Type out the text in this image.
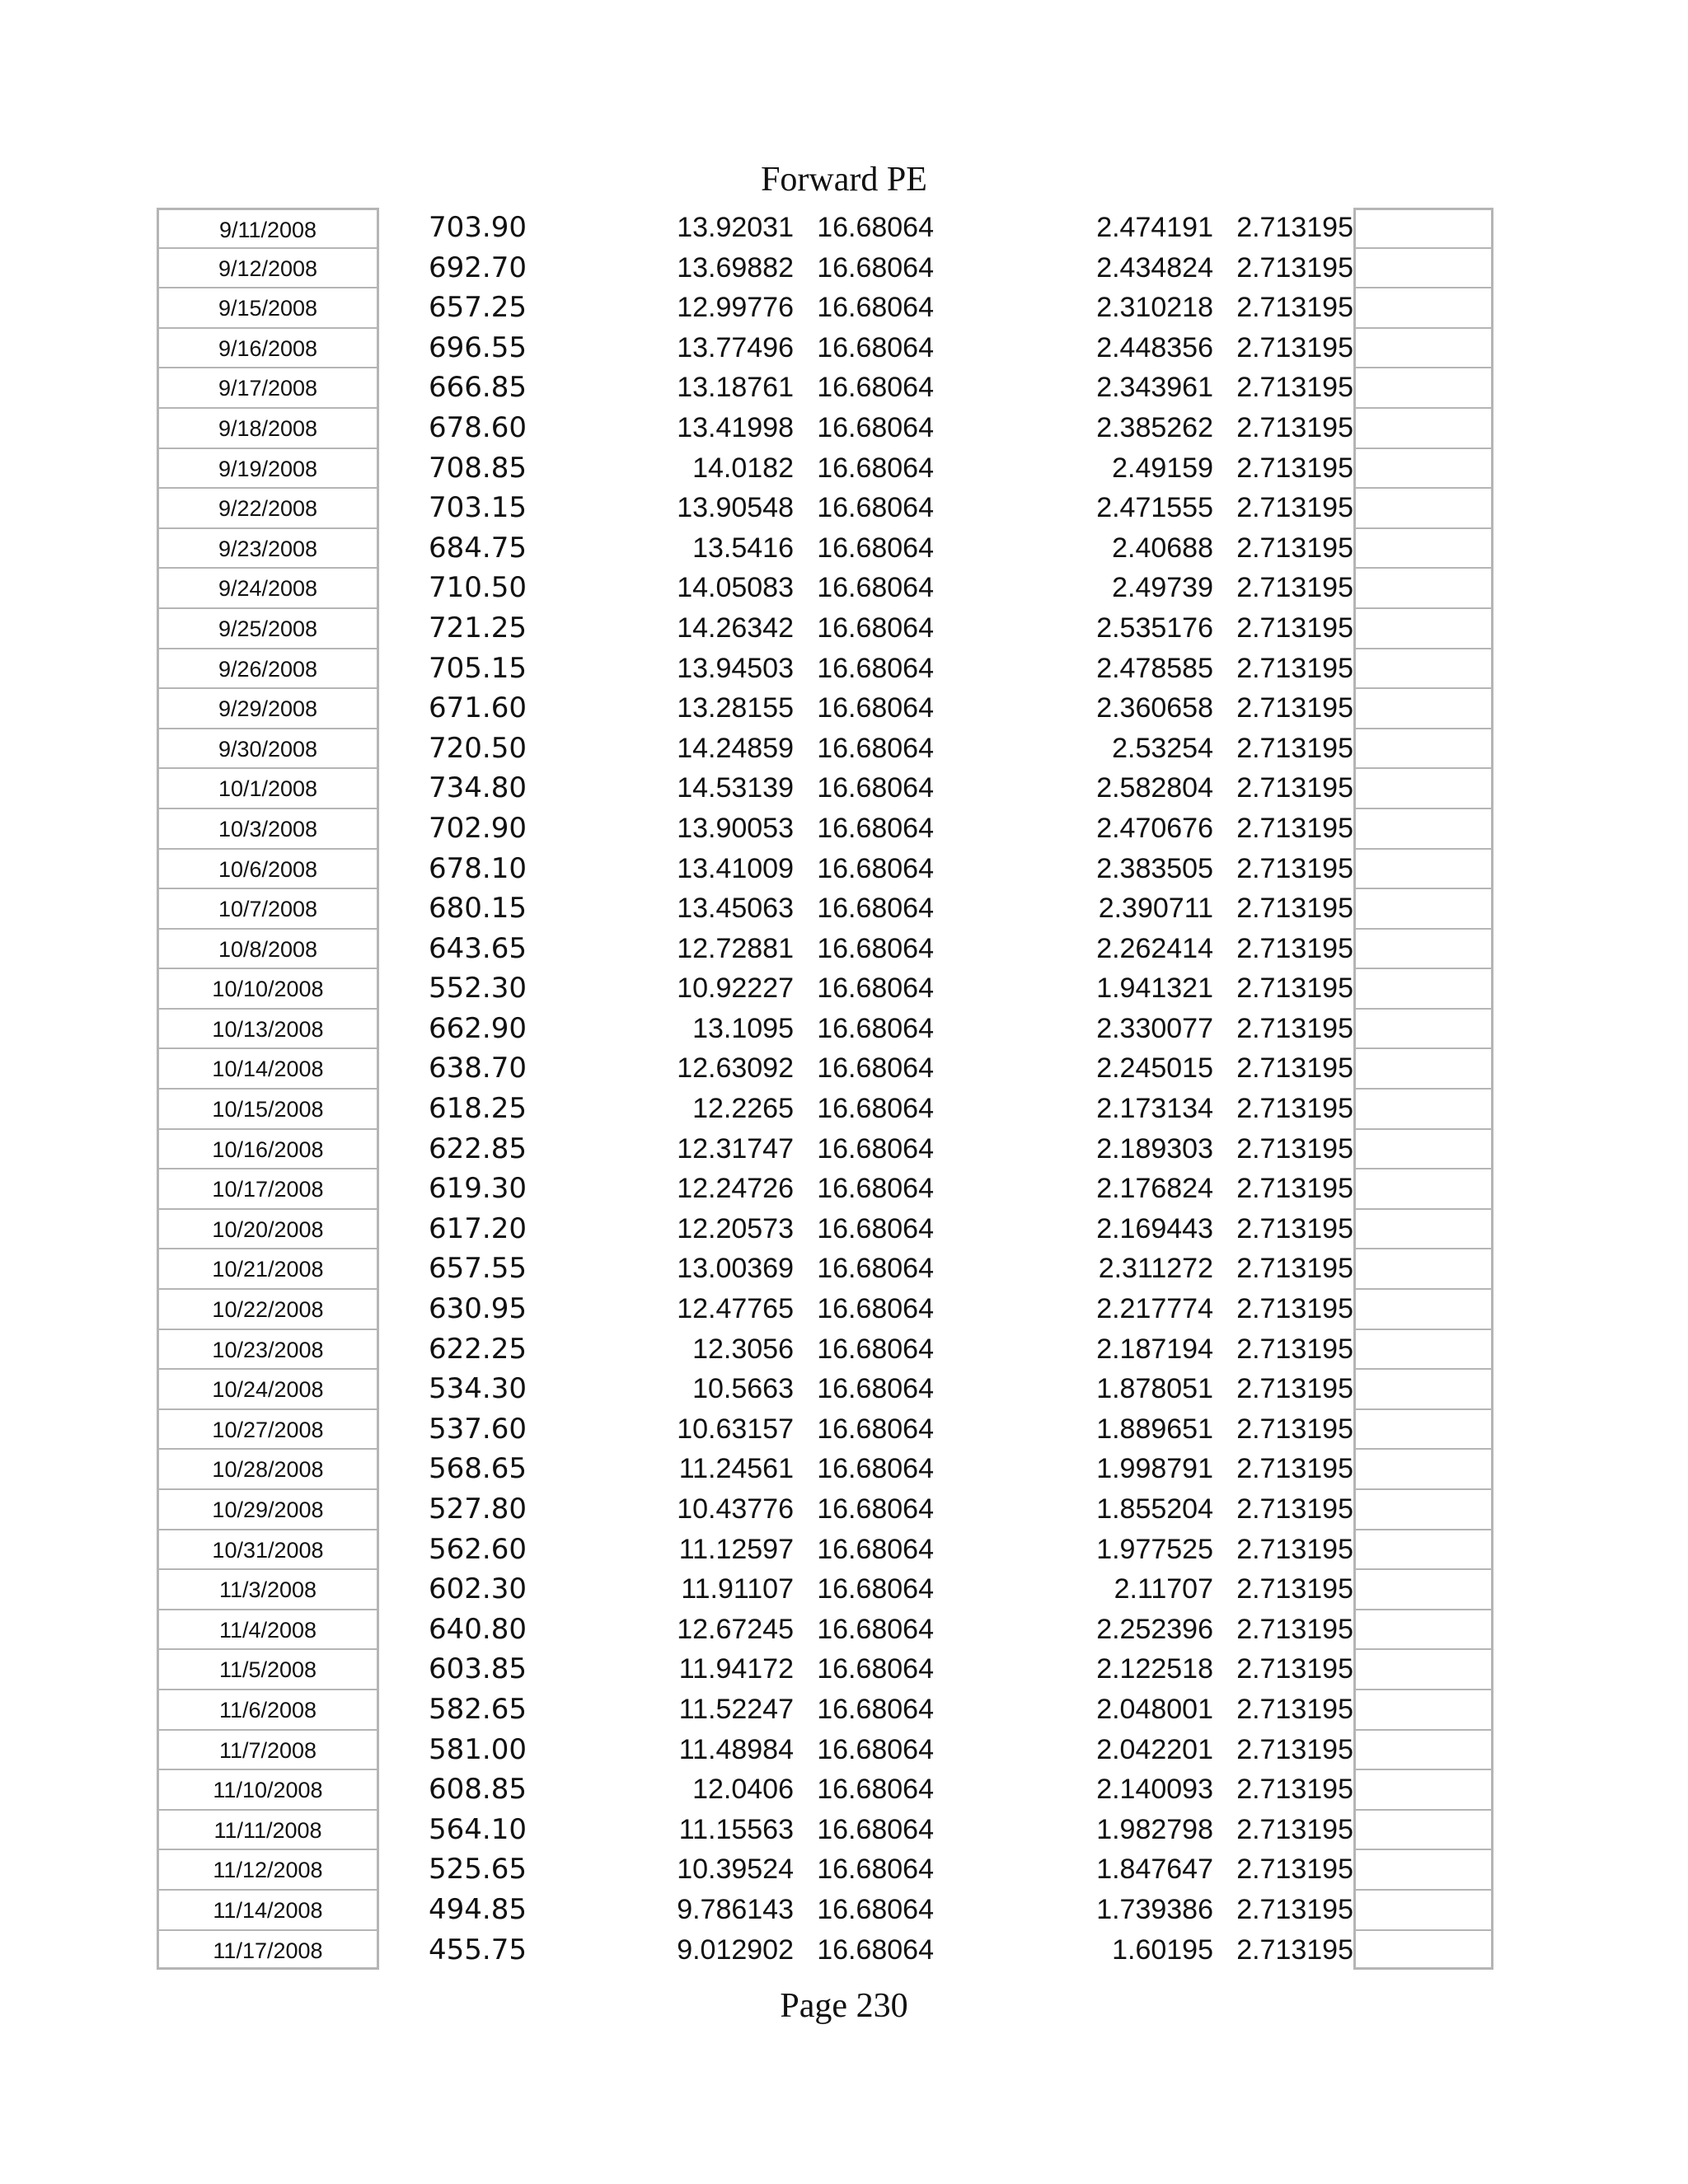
Forward PE
9/11/2008	703.90	13.92031 16.68064	2.474191 2.713195
9/12/2008	692.70	13.69882 16.68064	2.434824 2.713195
9/15/2008	657.25	12.99776 16.68064	2.310218 2.713195
9/16/2008	696.55	13.77496 16.68064	2.448356 2.713195
9/17/2008	666.85	13.18761 16.68064	2.343961 2.713195
9/18/2008	678.60	13.41998 16.68064	2.385262 2.713195
9/19/2008	708.85	14.0182 16.68064	2.49159 2.713195
9/22/2008	703.15	13.90548 16.68064	2.471555 2.713195
9/23/2008	684.75	13.5416 16.68064	2.40688 2.713195
9/24/2008	710.50	14.05083 16.68064	2.49739 2.713195
9/25/2008	721.25	14.26342 16.68064	2.535176 2.713195
9/26/2008	705.15	13.94503 16.68064	2.478585 2.713195
9/29/2008	671.60	13.28155 16.68064	2.360658 2.713195
9/30/2008	720.50	14.24859 16.68064	2.53254 2.713195
10/1/2008	734.80	14.53139 16.68064	2.582804 2.713195
10/3/2008	702.90	13.90053 16.68064	2.470676 2.713195
10/6/2008	678.10	13.41009 16.68064	2.383505 2.713195
10/7/2008	680.15	13.45063 16.68064	2.390711 2.713195
10/8/2008	643.65	12.72881 16.68064	2.262414 2.713195
10/10/2008	552.30	10.92227 16.68064	1.941321 2.713195
10/13/2008	662.90	13.1095 16.68064	2.330077 2.713195
10/14/2008	638.70	12.63092 16.68064	2.245015 2.713195
10/15/2008	618.25	12.2265 16.68064	2.173134 2.713195
10/16/2008	622.85	12.31747 16.68064	2.189303 2.713195
10/17/2008	619.30	12.24726 16.68064	2.176824 2.713195
10/20/2008	617.20	12.20573 16.68064	2.169443 2.713195
10/21/2008	657.55	13.00369 16.68064	2.311272 2.713195
10/22/2008	630.95	12.47765 16.68064	2.217774 2.713195
10/23/2008	622.25	12.3056 16.68064	2.187194 2.713195
10/24/2008	534.30	10.5663 16.68064	1.878051 2.713195
10/27/2008	537.60	10.63157 16.68064	1.889651 2.713195
10/28/2008	568.65	11.24561 16.68064	1.998791 2.713195
10/29/2008	527.80	10.43776 16.68064	1.855204 2.713195
10/31/2008	562.60	11.12597 16.68064	1.977525 2.713195
11/3/2008	602.30	11.91107 16.68064	2.11707 2.713195
11/4/2008	640.80	12.67245 16.68064	2.252396 2.713195
11/5/2008	603.85	11.94172 16.68064	2.122518 2.713195
11/6/2008	582.65	11.52247 16.68064	2.048001 2.713195
11/7/2008	581.00	11.48984 16.68064	2.042201 2.713195
11/10/2008	608.85	12.0406 16.68064	2.140093 2.713195
11/11/2008	564.10	11.15563 16.68064	1.982798 2.713195
11/12/2008	525.65	10.39524 16.68064	1.847647 2.713195
11/14/2008	494.85	9.786143 16.68064	1.739386 2.713195
11/17/2008	455.75	9.012902 16.68064	1.60195 2.713195
Page 230
